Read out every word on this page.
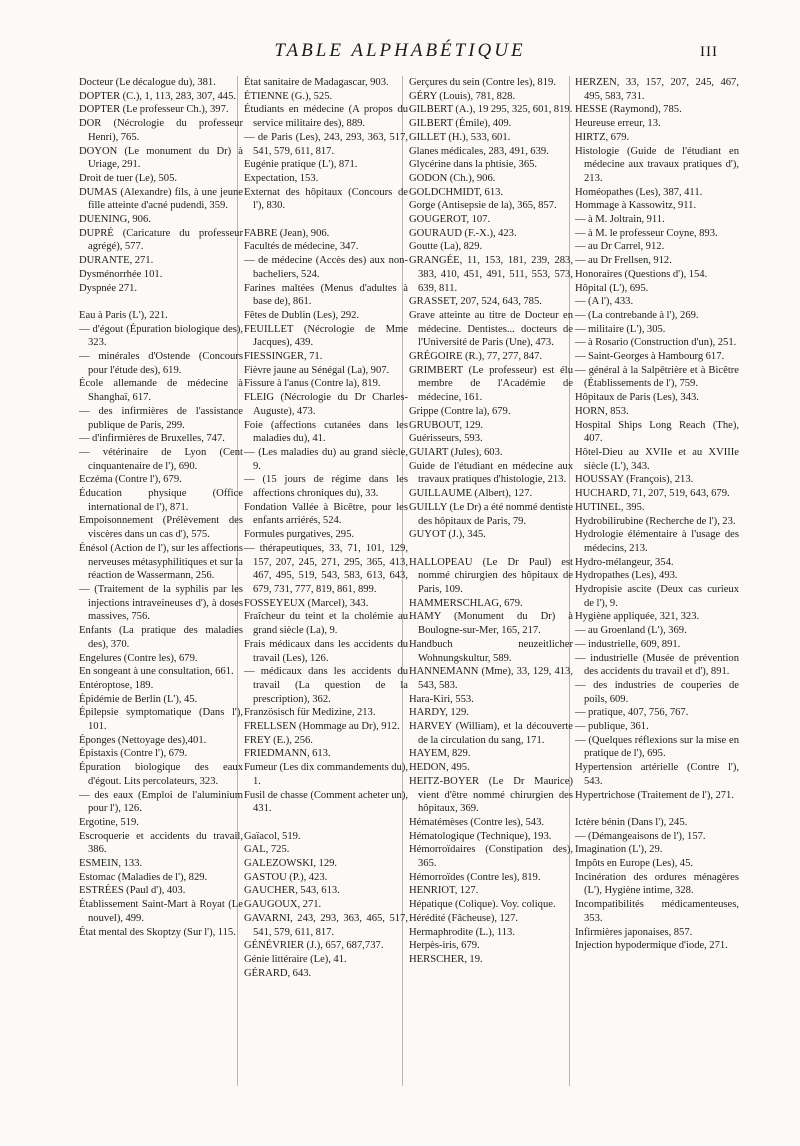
TABLE ALPHABÉTIQUE	III
Docteur (Le décalogue du), 381.
DOPTER (C.), 1, 113, 283, 307, 445.
DOPTER (Le professeur Ch.), 397.
DOR (Nécrologie du professeur Henri), 765.
DOYON (Le monument du Dr) à Uriage, 291.
Droit de tuer (Le), 505.
DUMAS (Alexandre) fils, à une jeune fille atteinte d'acné pudendi, 359.
DUENING, 906.
DUPRÉ (Caricature du professeur agrégé), 577.
DURANTE, 271.
Dysménorrhée 101.
Dyspnée 271.
Eau à Paris (L'), 221.
— d'égout (Épuration biologique des), 323.
— minérales d'Ostende (Concours pour l'étude des), 619.
École allemande de médecine à Shanghaï, 617.
— des infirmières de l'assistance publique de Paris, 299.
— d'infirmières de Bruxelles, 747.
— vétérinaire de Lyon (Cent cinquantenaire de l'), 690.
Eczéma (Contre l'), 679.
Éducation physique (Office international de l'), 871.
Empoisonnement (Prélèvement des viscères dans un cas d'), 575.
Énésol (Action de l'), sur les affections nerveuses métasyphilitiques et sur la réaction de Wassermann, 256.
— (Traitement de la syphilis par les injections intraveineuses d'), à doses massives, 756.
Enfants (La pratique des maladies des), 370.
Engelures (Contre les), 679.
En songeant à une consultation, 661.
Entéroptose, 189.
Épidémie de Berlin (L'), 45.
Épilepsie symptomatique (Dans l'), 101.
Éponges (Nettoyage des),401.
Épistaxis (Contre l'), 679.
Épuration biologique des eaux d'égout. Lits percolateurs, 323.
— des eaux (Emploi de l'aluminium pour l'), 126.
Ergotine, 519.
Escroquerie et accidents du travail, 386.
ESMEIN, 133.
Estomac (Maladies de l'), 829.
ESTRÉES (Paul d'), 403.
Établissement Saint-Mart à Royat (Le nouvel), 499.
État mental des Skoptzy (Sur l'), 115.
État sanitaire de Madagascar, 903.
ÉTIENNE (G.), 525.
Étudiants en médecine (A propos du service militaire des), 889.
— de Paris (Les), 243, 293, 363, 517, 541, 579, 611, 817.
Eugénie pratique (L'), 871.
Expectation, 153.
Externat des hôpitaux (Concours de l'), 830.
FABRE (Jean), 906.
Facultés de médecine, 347.
— de médecine (Accès des) aux non-bacheliers, 524.
Farines maltées (Menus d'adultes à base de), 861.
Fêtes de Dublin (Les), 292.
FEUILLET (Nécrologie de Mme Jacques), 439.
FIESSINGER, 71.
Fièvre jaune au Sénégal (La), 907.
Fissure à l'anus (Contre la), 819.
FLEIG (Nécrologie du Dr Charles-Auguste), 473.
Foie (affections cutanées dans les maladies du), 41.
— (Les maladies du) au grand siècle, 9.
— (15 jours de régime dans les affections chroniques du), 33.
Fondation Vallée à Bicêtre, pour les enfants arriérés, 524.
Formules purgatives, 295.
— thérapeutiques, 33, 71, 101, 129, 157, 207, 245, 271, 295, 365, 413, 467, 495, 519, 543, 583, 613, 643, 679, 731, 777, 819, 861, 899.
FOSSEYEUX (Marcel), 343.
Fraîcheur du teint et la cholémie au grand siècle (La), 9.
Frais médicaux dans les accidents du travail (Les), 126.
— médicaux dans les accidents du travail (La question de la prescription), 362.
Französisch für Medizine, 213.
FRELLSEN (Hommage au Dr), 912.
FREY (E.), 256.
FRIEDMANN, 613.
Fumeur (Les dix commandements du), 1.
Fusil de chasse (Comment acheter un), 431.
Gaïacol, 519.
GAL, 725.
GALEZOWSKI, 129.
GASTOU (P.), 423.
GAUCHER, 543, 613.
GAUGOUX, 271.
GAVARNI, 243, 293, 363, 465, 517, 541, 579, 611, 817.
GÉNÉVRIER (J.), 657, 687,737.
Génie littéraire (Le), 41.
GÉRARD, 643.
Gerçures du sein (Contre les), 819.
GÉRY (Louis), 781, 828.
GILBERT (A.), 19 295, 325, 601, 819.
GILBERT (Émile), 409.
GILLET (H.), 533, 601.
Glanes médicales, 283, 491, 639.
Glycérine dans la phtisie, 365.
GODON (Ch.), 906.
GOLDCHMIDT, 613.
Gorge (Antisepsie de la), 365, 857.
GOUGEROT, 107.
GOURAUD (F.-X.), 423.
Goutte (La), 829.
GRANGÉE, 11, 153, 181, 239, 283, 383, 410, 451, 491, 511, 553, 573, 639, 811.
GRASSET, 207, 524, 643, 785.
Grave atteinte au titre de Docteur en médecine. Dentistes... docteurs de l'Université de Paris (Une), 473.
GRÉGOIRE (R.), 77, 277, 847.
GRIMBERT (Le professeur) est élu membre de l'Académie de médecine, 161.
Grippe (Contre la), 679.
GRUBOUT, 129.
Guérisseurs, 593.
GUIART (Jules), 603.
Guide de l'étudiant en médecine aux travaux pratiques d'histologie, 213.
GUILLAUME (Albert), 127.
GUILLY (Le Dr) a été nommé dentiste des hôpitaux de Paris, 79.
GUYOT (J.), 345.
HALLOPEAU (Le Dr Paul) est nommé chirurgien des hôpitaux de Paris, 109.
HAMMERSCHLAG, 679.
HAMY (Monument du Dr) à Boulogne-sur-Mer, 165, 217.
Handbuch neuzeitlicher Wohnungskultur, 589.
HANNEMANN (Mme), 33, 129, 413, 543, 583.
Hara-Kiri, 553.
HARDY, 129.
HARVEY (William), et la découverte de la circulation du sang, 171.
HAYEM, 829.
HEDON, 495.
HEITZ-BOYER (Le Dr Maurice) vient d'être nommé chirurgien des hôpitaux, 369.
Hématémèses (Contre les), 543.
Hématologique (Technique), 193.
Hémorroïdaires (Constipation des), 365.
Hémorroïdes (Contre les), 819.
HENRIOT, 127.
Hépatique (Colique). Voy. colique.
Hérédité (Fâcheuse), 127.
Hermaphrodite (L.), 113.
Herpès-iris, 679.
HERSCHER, 19.
HERZEN, 33, 157, 207, 245, 467, 495, 583, 731.
HESSE (Raymond), 785.
Heureuse erreur, 13.
HIRTZ, 679.
Histologie (Guide de l'étudiant en médecine aux travaux pratiques d'), 213.
Homéopathes (Les), 387, 411.
Hommage à Kassowitz, 911.
— à M. Joltrain, 911.
— à M. le professeur Coyne, 893.
— au Dr Carrel, 912.
— au Dr Frellsen, 912.
Honoraires (Questions d'), 154.
Hôpital (L'), 695.
— (A l'), 433.
— (La contrebande à l'), 269.
— militaire (L'), 305.
— à Rosario (Construction d'un), 251.
— Saint-Georges à Hambourg 617.
— général à la Salpêtrière et à Bicêtre (Établissements de l'), 759.
Hôpitaux de Paris (Les), 343.
HORN, 853.
Hospital Ships Long Reach (The), 407.
Hôtel-Dieu au XVIIe et au XVIIIe siècle (L'), 343.
HOUSSAY (François), 213.
HUCHARD, 71, 207, 519, 643, 679.
HUTINEL, 395.
Hydrobilirubine (Recherche de l'), 23.
Hydrologie élémentaire à l'usage des médecins, 213.
Hydro-mélangeur, 354.
Hydropathes (Les), 493.
Hydropisie ascite (Deux cas curieux de l'), 9.
Hygiène appliquée, 321, 323.
— au Groenland (L'), 369.
— industrielle, 609, 891.
— industrielle (Musée de prévention des accidents du travail et d'), 891.
— des industries de couperies de poils, 609.
— pratique, 407, 756, 767.
— publique, 361.
— (Quelques réflexions sur la mise en pratique de l'), 695.
Hypertension artérielle (Contre l'), 543.
Hypertrichose (Traitement de l'), 271.
Ictère bénin (Dans l'), 245.
— (Démangeaisons de l'), 157.
Imagination (L'), 29.
Impôts en Europe (Les), 45.
Incinération des ordures ménagères (L'), Hygiène intime, 328.
Incompatibilités médicamenteuses, 353.
Infirmières japonaises, 857.
Injection hypodermique d'iode, 271.
